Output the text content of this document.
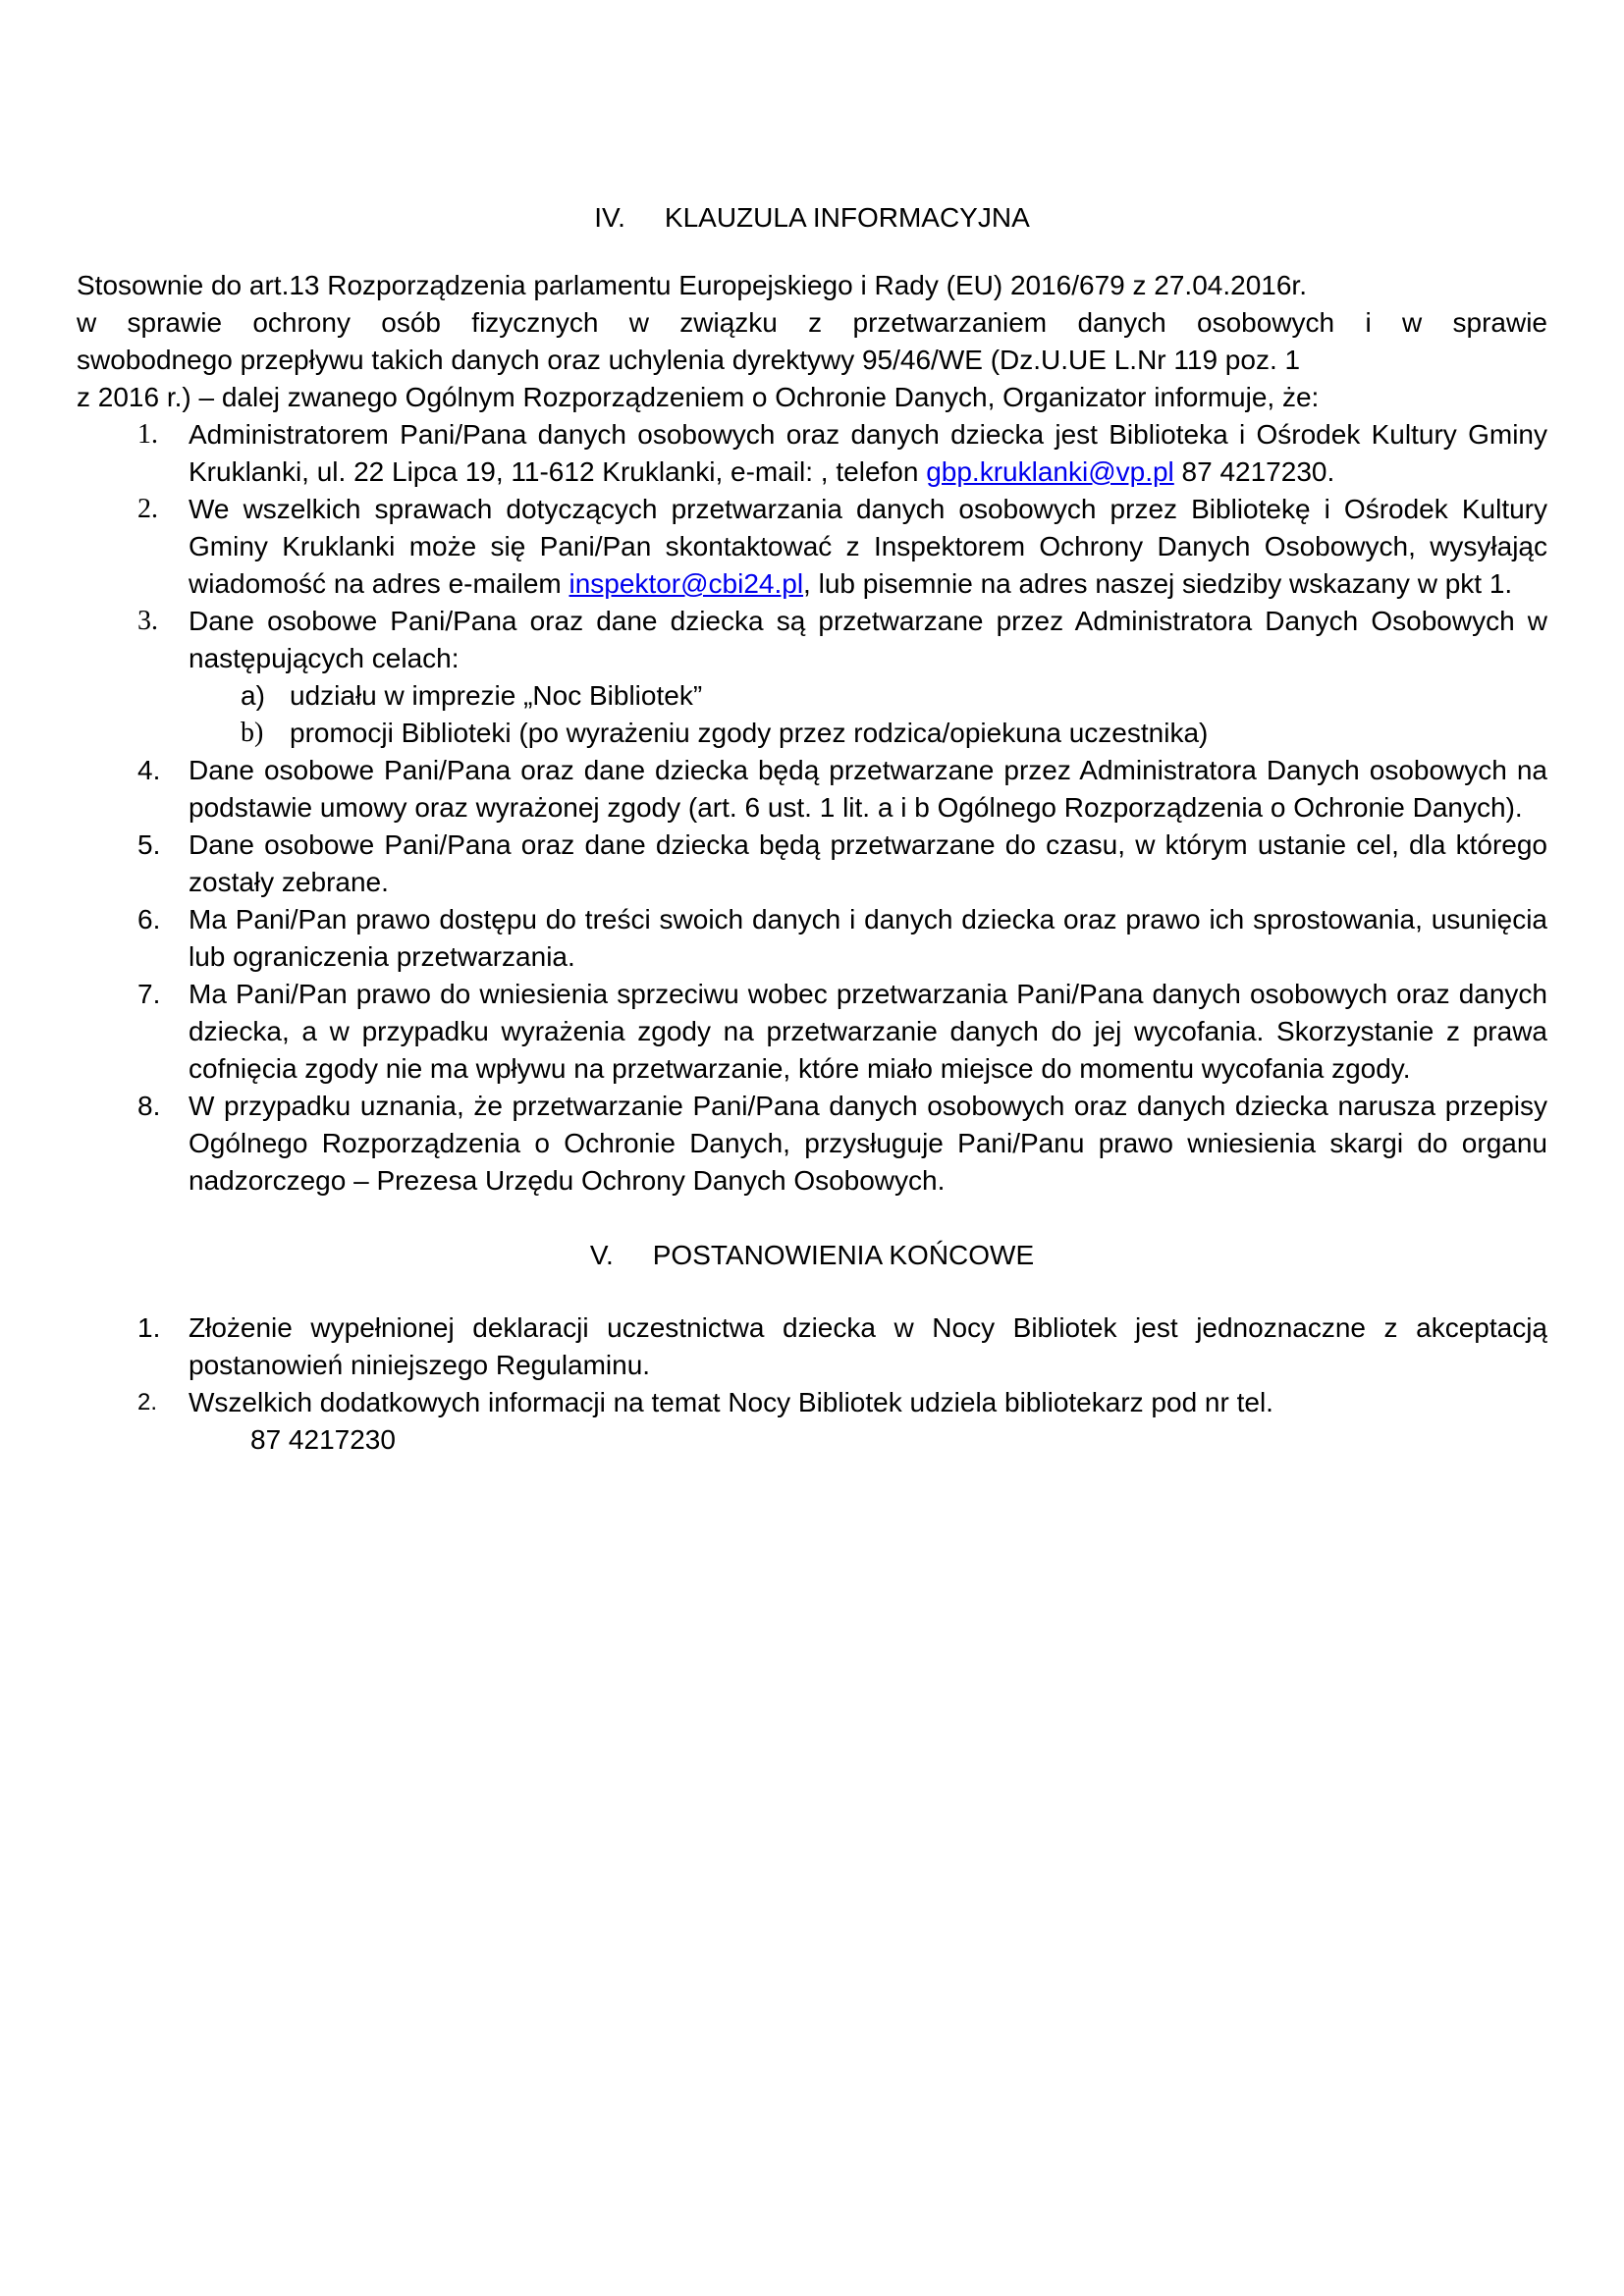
IV. KLAUZULA INFORMACYJNA
Stosownie do art.13 Rozporządzenia parlamentu Europejskiego i Rady (EU) 2016/679 z 27.04.2016r.
w sprawie ochrony osób fizycznych w związku z przetwarzaniem danych osobowych i w sprawie
swobodnego przepływu takich danych oraz uchylenia dyrektywy 95/46/WE (Dz.U.UE L.Nr 119 poz. 1
z 2016 r.) – dalej zwanego Ogólnym Rozporządzeniem o Ochronie Danych, Organizator informuje, że:
1.	Administratorem Pani/Pana danych osobowych oraz danych dziecka jest Biblioteka i Ośrodek Kultury Gminy Kruklanki, ul. 22 Lipca 19, 11-612 Kruklanki, e-mail: , telefon gbp.kruklanki@vp.pl 87 4217230.
2.	We wszelkich sprawach dotyczących przetwarzania danych osobowych przez Bibliotekę i Ośrodek Kultury Gminy Kruklanki może się Pani/Pan skontaktować z Inspektorem Ochrony Danych Osobowych, wysyłając wiadomość na adres e-mailem inspektor@cbi24.pl, lub pisemnie na adres naszej siedziby wskazany w pkt 1.
3.	Dane osobowe Pani/Pana oraz dane dziecka są przetwarzane przez Administratora Danych Osobowych w następujących celach:
a) udziału w imprezie „Noc Bibliotek”
b) promocji Biblioteki (po wyrażeniu zgody przez rodzica/opiekuna uczestnika)
4.	Dane osobowe Pani/Pana oraz dane dziecka będą przetwarzane przez Administratora Danych osobowych na podstawie umowy oraz wyrażonej zgody (art. 6 ust. 1 lit. a i b Ogólnego Rozporządzenia o Ochronie Danych).
5.	Dane osobowe Pani/Pana oraz dane dziecka będą przetwarzane do czasu, w którym ustanie cel, dla którego zostały zebrane.
6.	Ma Pani/Pan prawo dostępu do treści swoich danych i danych dziecka oraz prawo ich sprostowania, usunięcia lub ograniczenia przetwarzania.
7.	Ma Pani/Pan prawo do wniesienia sprzeciwu wobec przetwarzania Pani/Pana danych osobowych oraz danych dziecka, a w przypadku wyrażenia zgody na przetwarzanie danych do jej wycofania. Skorzystanie z prawa cofnięcia zgody nie ma wpływu na przetwarzanie, które miało miejsce do momentu wycofania zgody.
8.	W przypadku uznania, że przetwarzanie Pani/Pana danych osobowych oraz danych dziecka narusza przepisy Ogólnego Rozporządzenia o Ochronie Danych, przysługuje Pani/Panu prawo wniesienia skargi do organu nadzorczego – Prezesa Urzędu Ochrony Danych Osobowych.
V. POSTANOWIENIA KOŃCOWE
1.	Złożenie wypełnionej deklaracji uczestnictwa dziecka w Nocy Bibliotek jest jednoznaczne z akceptacją postanowień niniejszego Regulaminu.
2.	Wszelkich dodatkowych informacji na temat Nocy Bibliotek udziela bibliotekarz pod nr tel.
87 4217230
